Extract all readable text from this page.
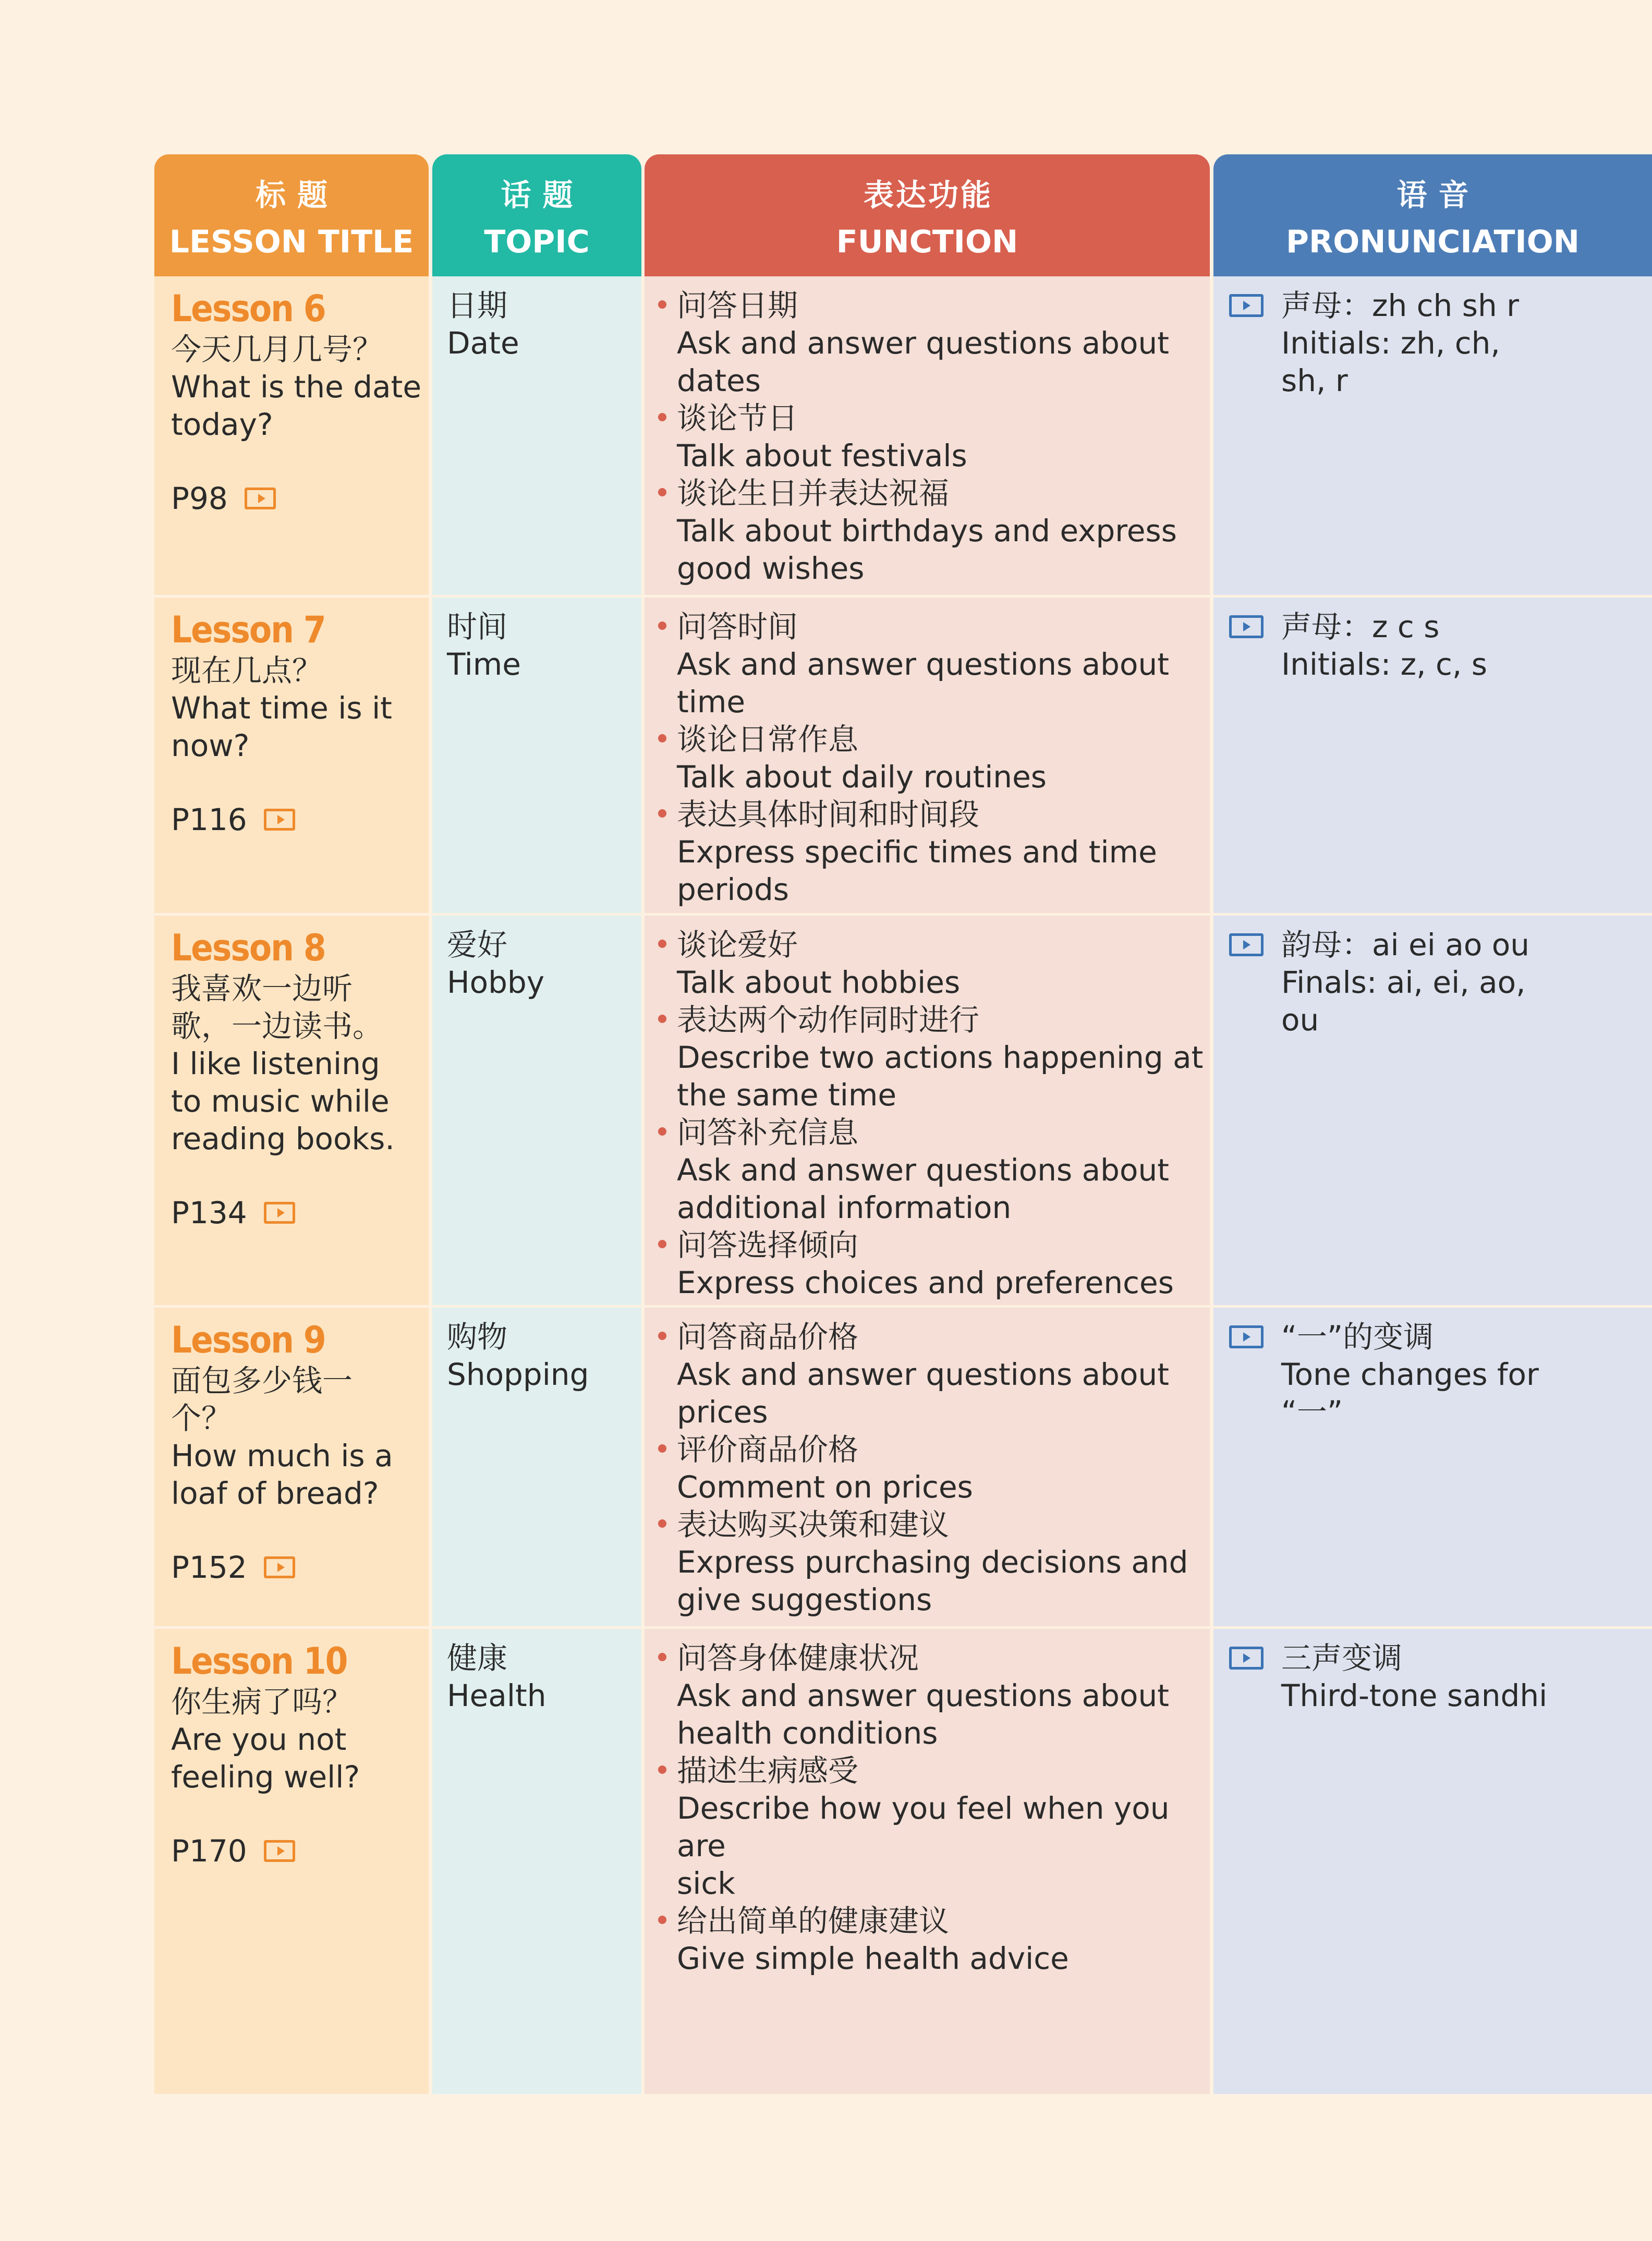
标题
LESSON TITLE
话题
TOPIC
表达功能
FUNCTION
语音
PRONUNCIATION
Lesson 6
今天几月几号？
What is the date
today?
P98
日期
Date
问答日期
Ask and answer questions about
dates
谈论节日
Talk about festivals
谈论生日并表达祝福
Talk about birthdays and express
good wishes
声母：zh ch sh r
Initials: zh, ch,
sh, r
Lesson 7
现在几点？
What time is it
now?
P116
时间
Time
问答时间
Ask and answer questions about time
谈论日常作息
Talk about daily routines
表达具体时间和时间段
Express specific times and time
periods
声母：z c s
Initials: z, c, s
Lesson 8
我喜欢一边听
歌，一边读书。
I like listening
to music while
reading books.
P134
爱好
Hobby
谈论爱好
Talk about hobbies
表达两个动作同时进行
Describe two actions happening at
the same time
问答补充信息
Ask and answer questions about
additional information
问答选择倾向
Express choices and preferences
韵母：ai ei ao ou
Finals: ai, ei, ao,
ou
Lesson 9
面包多少钱一
个？
How much is a
loaf of bread?
P152
购物
Shopping
问答商品价格
Ask and answer questions about
prices
评价商品价格
Comment on prices
表达购买决策和建议
Express purchasing decisions and
give suggestions
“一”的变调
Tone changes for
“一”
Lesson 10
你生病了吗？
Are you not
feeling well?
P170
健康
Health
问答身体健康状况
Ask and answer questions about
health conditions
描述生病感受
Describe how you feel when you are
sick
给出简单的健康建议
Give simple health advice
三声变调
Third-tone sandhi
